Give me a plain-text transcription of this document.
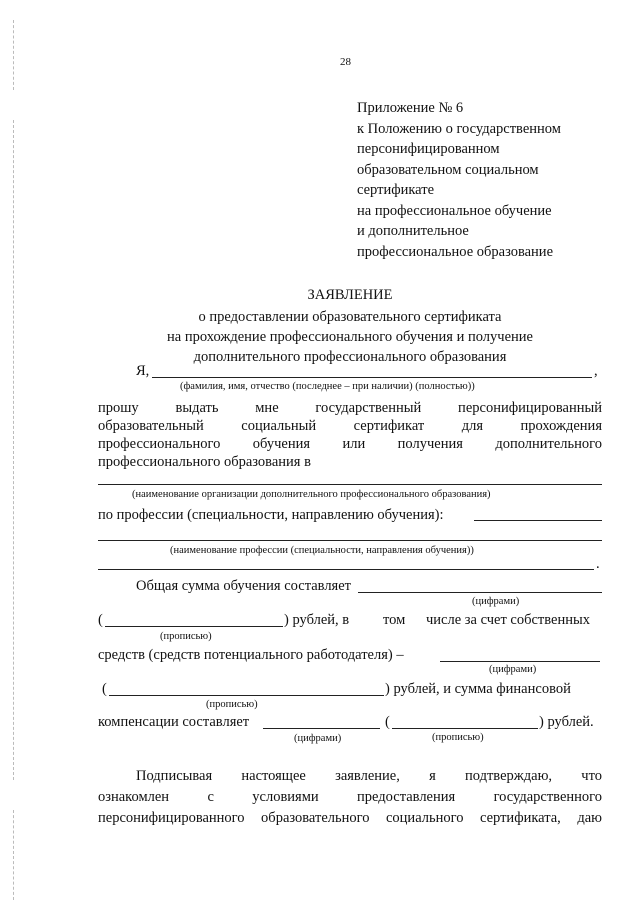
28
Приложение № 6
к Положению о государственном
персонифицированном
образовательном социальном
сертификате
на профессиональное обучение
и дополнительное
профессиональное образование
ЗАЯВЛЕНИЕ
о предоставлении образовательного сертификата
на прохождение профессионального обучения и получение
дополнительного профессионального образования
Я,	,
(фамилия, имя, отчество (последнее – при наличии) (полностью))
прошу выдать мне государственный персонифицированный
образовательный социальный сертификат для прохождения
профессионального обучения или получения дополнительного
профессионального образования в
(наименование организации дополнительного профессионального образования)
по профессии (специальности, направлению обучения):
(наименование профессии (специальности, направления обучения))
.
Общая сумма обучения составляет
(цифрами)
(	) рублей, в том числе за счет собственных
(прописью)
средств (средств потенциального работодателя) –
(цифрами)
(	) рублей, и сумма финансовой
(прописью)
компенсации составляет	(	) рублей.
(цифрами)	(прописью)
Подписывая настоящее заявление, я подтверждаю, что
ознакомлен с условиями предоставления государственного
персонифицированного образовательного социального сертификата, даю
